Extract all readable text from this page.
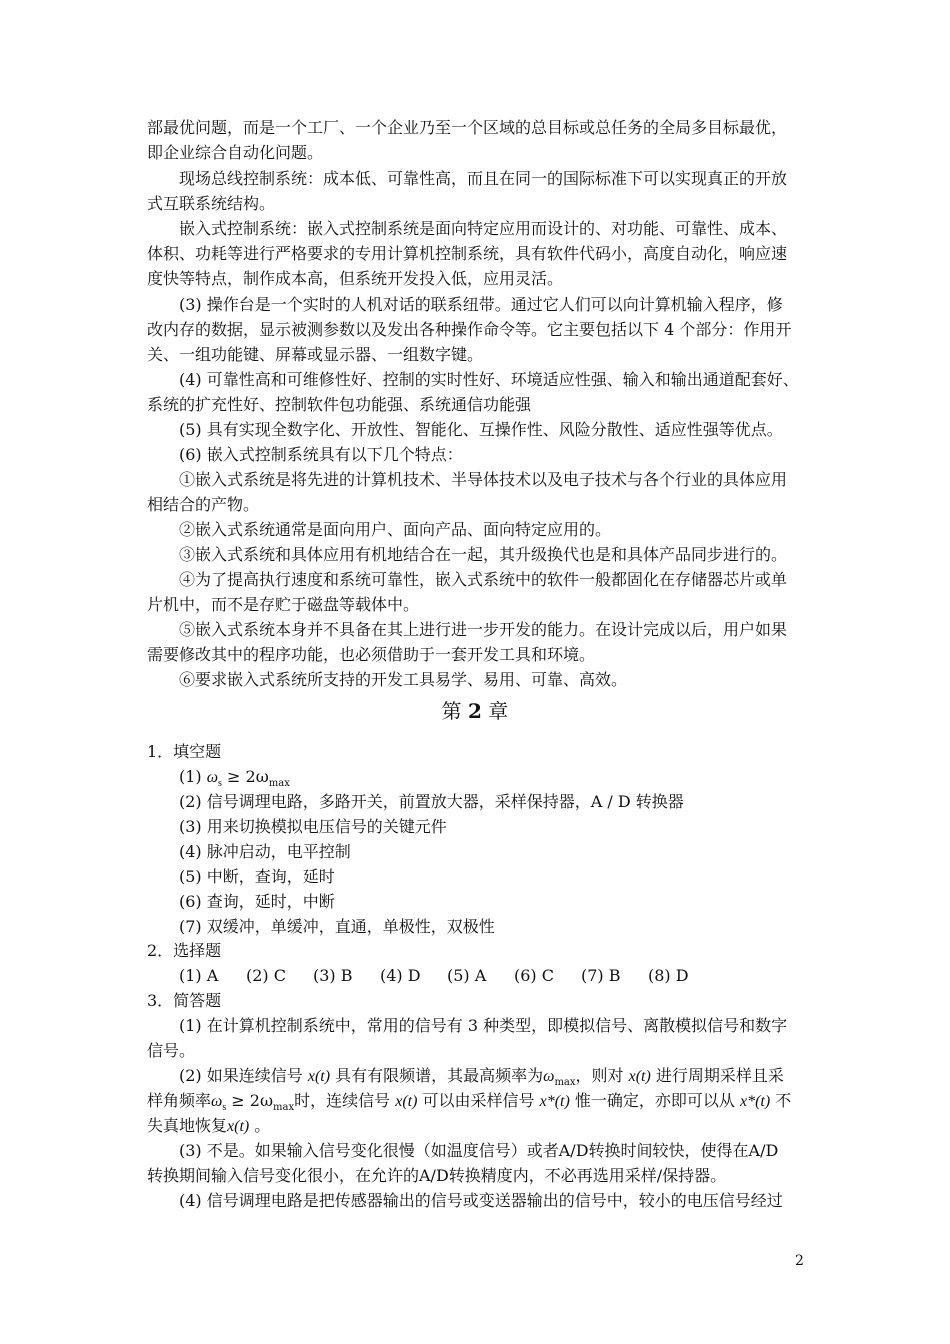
部最优问题，而是一个工厂、一个企业乃至一个区域的总目标或总任务的全局多目标最优，
即企业综合自动化问题。
现场总线控制系统：成本低、可靠性高，而且在同一的国际标准下可以实现真正的开放
式互联系统结构。
嵌入式控制系统：嵌入式控制系统是面向特定应用而设计的、对功能、可靠性、成本、
体积、功耗等进行严格要求的专用计算机控制系统，具有软件代码小，高度自动化，响应速
度快等特点，制作成本高，但系统开发投入低，应用灵活。
(3) 操作台是一个实时的人机对话的联系纽带。通过它人们可以向计算机输入程序，修
改内存的数据，显示被测参数以及发出各种操作命令等。它主要包括以下 4 个部分：作用开
关、一组功能键、屏幕或显示器、一组数字键。
(4) 可靠性高和可维修性好、控制的实时性好、环境适应性强、输入和输出通道配套好、
系统的扩充性好、控制软件包功能强、系统通信功能强
(5) 具有实现全数字化、开放性、智能化、互操作性、风险分散性、适应性强等优点。
(6) 嵌入式控制系统具有以下几个特点：
①嵌入式系统是将先进的计算机技术、半导体技术以及电子技术与各个行业的具体应用
相结合的产物。
②嵌入式系统通常是面向用户、面向产品、面向特定应用的。
③嵌入式系统和具体应用有机地结合在一起，其升级换代也是和具体产品同步进行的。
④为了提高执行速度和系统可靠性，嵌入式系统中的软件一般都固化在存储器芯片或单
片机中，而不是存贮于磁盘等载体中。
⑤嵌入式系统本身并不具备在其上进行进一步开发的能力。在设计完成以后，用户如果
需要修改其中的程序功能，也必须借助于一套开发工具和环境。
⑥要求嵌入式系统所支持的开发工具易学、易用、可靠、高效。
第 2 章
1．填空题
(1) $\omega_s \ge 2\omega_{max}$
(2) 信号调理电路，多路开关，前置放大器，采样保持器，A / D 转换器
(3) 用来切换模拟电压信号的关键元件
(4) 脉冲启动，电平控制
(5) 中断，查询，延时
(6) 查询，延时，中断
(7) 双缓冲，单缓冲，直通，单极性，双极性
2．选择题
(1) A	(2) C	(3) B	(4) D	(5) A	(6) C	(7) B	(8) D
3．简答题
(1) 在计算机控制系统中，常用的信号有 3 种类型，即模拟信号、离散模拟信号和数字
信号。
(2) 如果连续信号 x(t) 具有有限频谱，其最高频率为$\omega_{max}$，则对 x(t) 进行周期采样且采
样角频率$\omega_s \ge 2\omega_{max}$时，连续信号 x(t) 可以由采样信号 x*(t) 惟一确定，亦即可以从 x*(t) 不
失真地恢复x(t) 。
(3) 不是。如果输入信号变化很慢（如温度信号）或者A/D转换时间较快，使得在A/D
转换期间输入信号变化很小，在允许的A/D转换精度内，不必再选用采样/保持器。
(4) 信号调理电路是把传感器输出的信号或变送器输出的信号中，较小的电压信号经过
2
